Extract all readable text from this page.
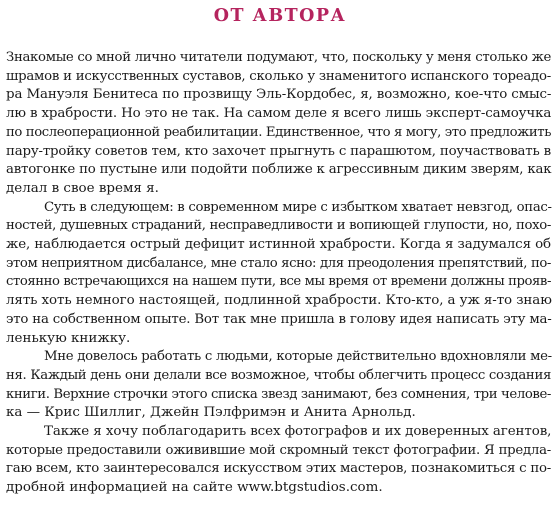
ОТ АВТОРА

Знакомые со мной лично читатели подумают, что, поскольку у меня столько же
шрамов и искусственных суставов, сколько у знаменитого испанского тореадо-
ра Мануэля Бенитеса по прозвищу Эль-Кордобес, я, возможно, кое-что смыс-
лю в храбрости. Но это не так. На самом деле я всего лишь эксперт-самоучка
по послеоперационной реабилитации. Единственное, что я могу, это предложить
пару-тройку советов тем, кто захочет прыгнуть с парашютом, поучаствовать в
автогонке по пустыне или подойти поближе к агрессивным диким зверям, как
делал в свое время я.

Суть в следующем: в современном мире с избытком хватает невзгод, опас-
ностей, душевных страданий, несправедливости и вопиющей глупости, но, похо-
же, наблюдается острый дефицит истинной храбрости. Когда я задумался об
этом неприятном дисбалансе, мне стало ясно: для преодоления препятствий, по-
стоянно встречающихся на нашем пути, все мы время от времени должны прояв-
лять хоть немного настоящей, подлинной храбрости. Кто-кто, а уж я-то знаю
это на собственном опыте. Вот так мне пришла в голову идея написать эту ма-
ленькую книжку.

Мне довелось работать с людьми, которые действительно вдохновляли ме-
ня. Каждый день они делали все возможное, чтобы облегчить процесс создания
книги. Верхние строчки этого списка звезд занимают, без сомнения, три челове-
ка — Крис Шиллиг, Джейн Пэлфримэн и Анита Арнольд.

Также я хочу поблагодарить всех фотографов и их доверенных агентов,
которые предоставили оживившие мой скромный текст фотографии. Я предла-
гаю всем, кто заинтересовался искусством этих мастеров, познакомиться с по-
дробной информацией на сайте www.btgstudios.com.
